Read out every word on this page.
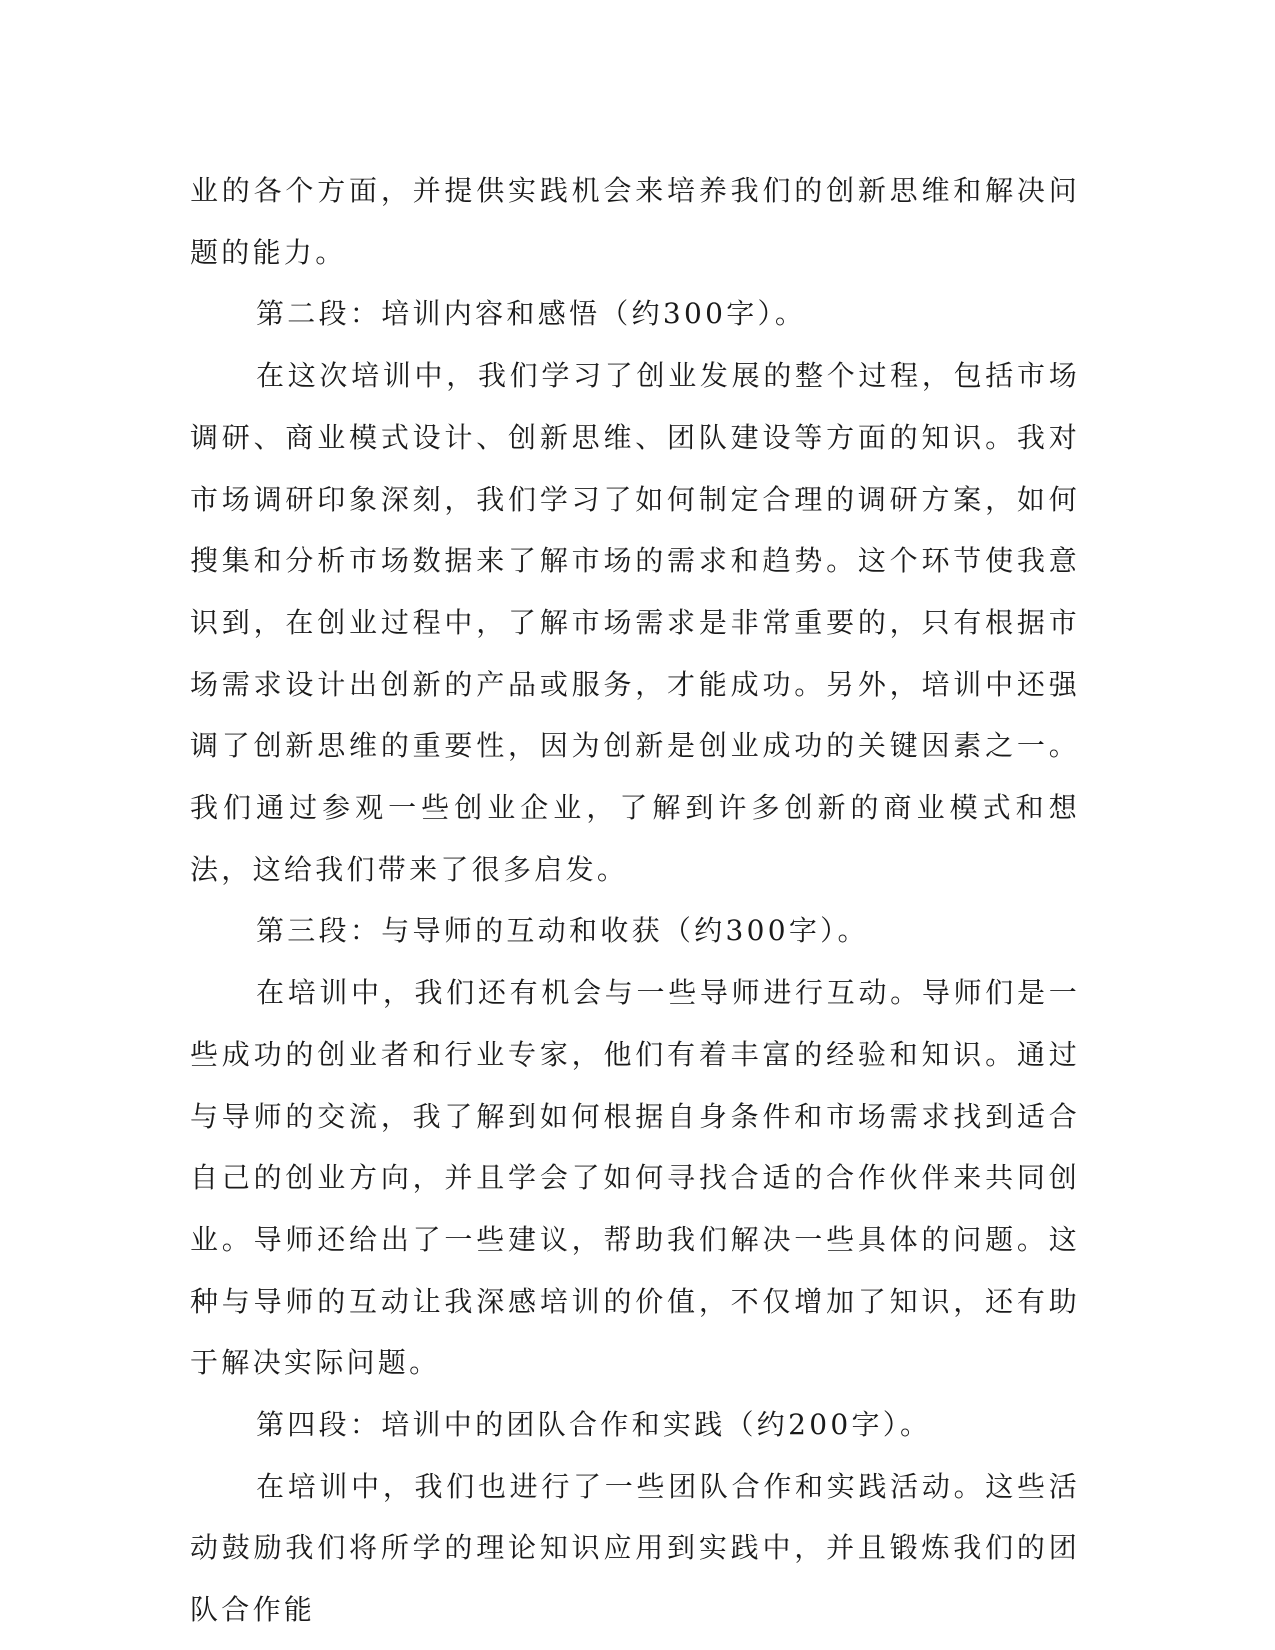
业的各个方面，并提供实践机会来培养我们的创新思维和解决问题的能力。

第二段：培训内容和感悟（约300字）。

在这次培训中，我们学习了创业发展的整个过程，包括市场调研、商业模式设计、创新思维、团队建设等方面的知识。我对市场调研印象深刻，我们学习了如何制定合理的调研方案，如何搜集和分析市场数据来了解市场的需求和趋势。这个环节使我意识到，在创业过程中，了解市场需求是非常重要的，只有根据市场需求设计出创新的产品或服务，才能成功。另外，培训中还强调了创新思维的重要性，因为创新是创业成功的关键因素之一。我们通过参观一些创业企业，了解到许多创新的商业模式和想法，这给我们带来了很多启发。

第三段：与导师的互动和收获（约300字）。

在培训中，我们还有机会与一些导师进行互动。导师们是一些成功的创业者和行业专家，他们有着丰富的经验和知识。通过与导师的交流，我了解到如何根据自身条件和市场需求找到适合自己的创业方向，并且学会了如何寻找合适的合作伙伴来共同创业。导师还给出了一些建议，帮助我们解决一些具体的问题。这种与导师的互动让我深感培训的价值，不仅增加了知识，还有助于解决实际问题。

第四段：培训中的团队合作和实践（约200字）。

在培训中，我们也进行了一些团队合作和实践活动。这些活动鼓励我们将所学的理论知识应用到实践中，并且锻炼我们的团队合作能
